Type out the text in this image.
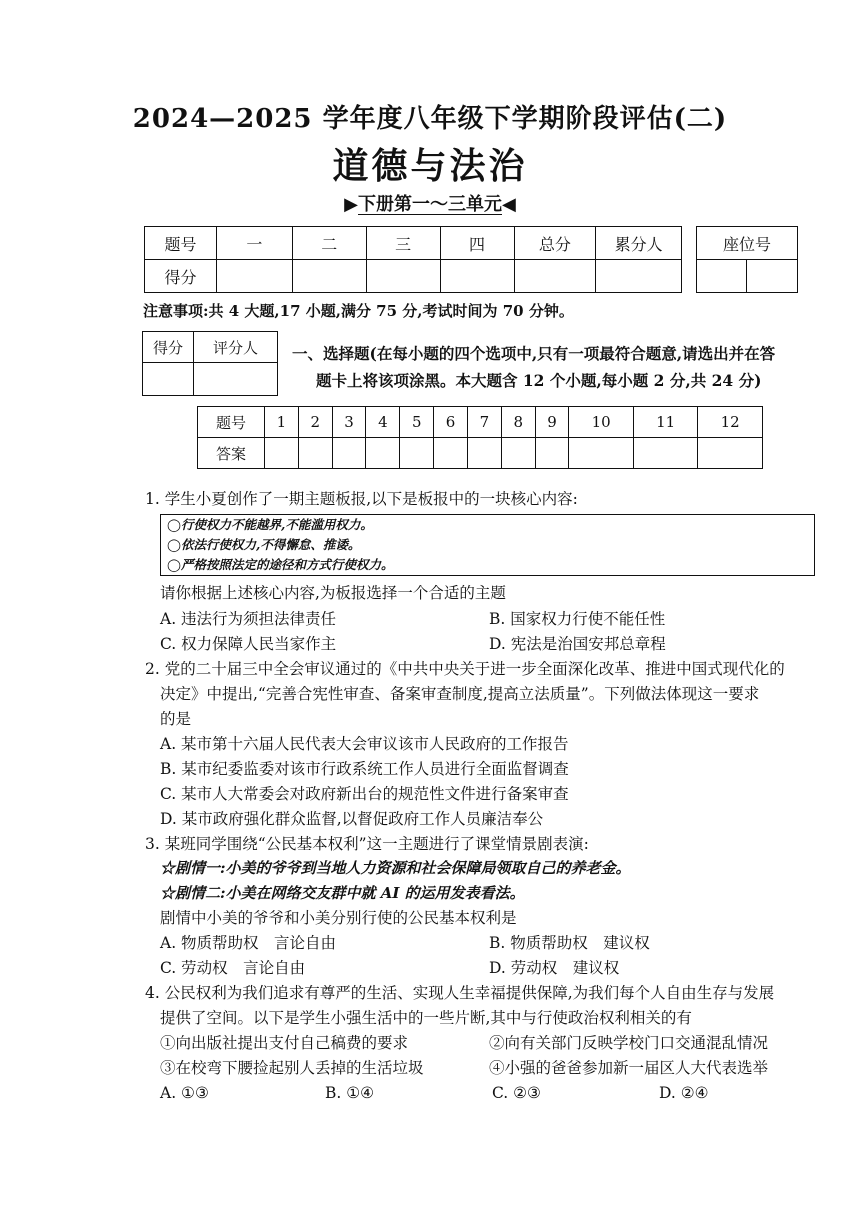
2024—2025 学年度八年级下学期阶段评估(二)
道德与法治
▶下册第一～三单元◀
题号	一	二	三	四	总分	累分人
得分						
座位号

注意事项:共 4 大题,17 小题,满分 75 分,考试时间为 70 分钟。
得分	评分人
	一、选择题(在每小题的四个选项中,只有一项最符合题意,请选出并在答
题卡上将该项涂黑。本大题含 12 个小题,每小题 2 分,共 24 分)
题号	1	2	3	4	5	6	7	8	9	10	11	12
答案												
1. 学生小夏创作了一期主题板报,以下是板报中的一块核心内容:
◯行使权力不能越界,不能滥用权力。
◯依法行使权力,不得懈怠、推诿。
◯严格按照法定的途径和方式行使权力。
请你根据上述核心内容,为板报选择一个合适的主题
A. 违法行为须担法律责任	B. 国家权力行使不能任性
C. 权力保障人民当家作主	D. 宪法是治国安邦总章程
2. 党的二十届三中全会审议通过的《中共中央关于进一步全面深化改革、推进中国式现代化的
决定》中提出,“完善合宪性审查、备案审查制度,提高立法质量”。下列做法体现这一要求
的是
A. 某市第十六届人民代表大会审议该市人民政府的工作报告
B. 某市纪委监委对该市行政系统工作人员进行全面监督调查
C. 某市人大常委会对政府新出台的规范性文件进行备案审查
D. 某市政府强化群众监督,以督促政府工作人员廉洁奉公
3. 某班同学围绕“公民基本权利”这一主题进行了课堂情景剧表演:
☆剧情一:小美的爷爷到当地人力资源和社会保障局领取自己的养老金。
☆剧情二:小美在网络交友群中就 AI 的运用发表看法。
剧情中小美的爷爷和小美分别行使的公民基本权利是
A. 物质帮助权　言论自由	B. 物质帮助权　建议权
C. 劳动权　言论自由	D. 劳动权　建议权
4. 公民权利为我们追求有尊严的生活、实现人生幸福提供保障,为我们每个人自由生存与发展
提供了空间。以下是学生小强生活中的一些片断,其中与行使政治权利相关的有
①向出版社提出支付自己稿费的要求	②向有关部门反映学校门口交通混乱情况
③在校弯下腰捡起别人丢掉的生活垃圾	④小强的爸爸参加新一届区人大代表选举
A. ①③	B. ①④	C. ②③	D. ②④
